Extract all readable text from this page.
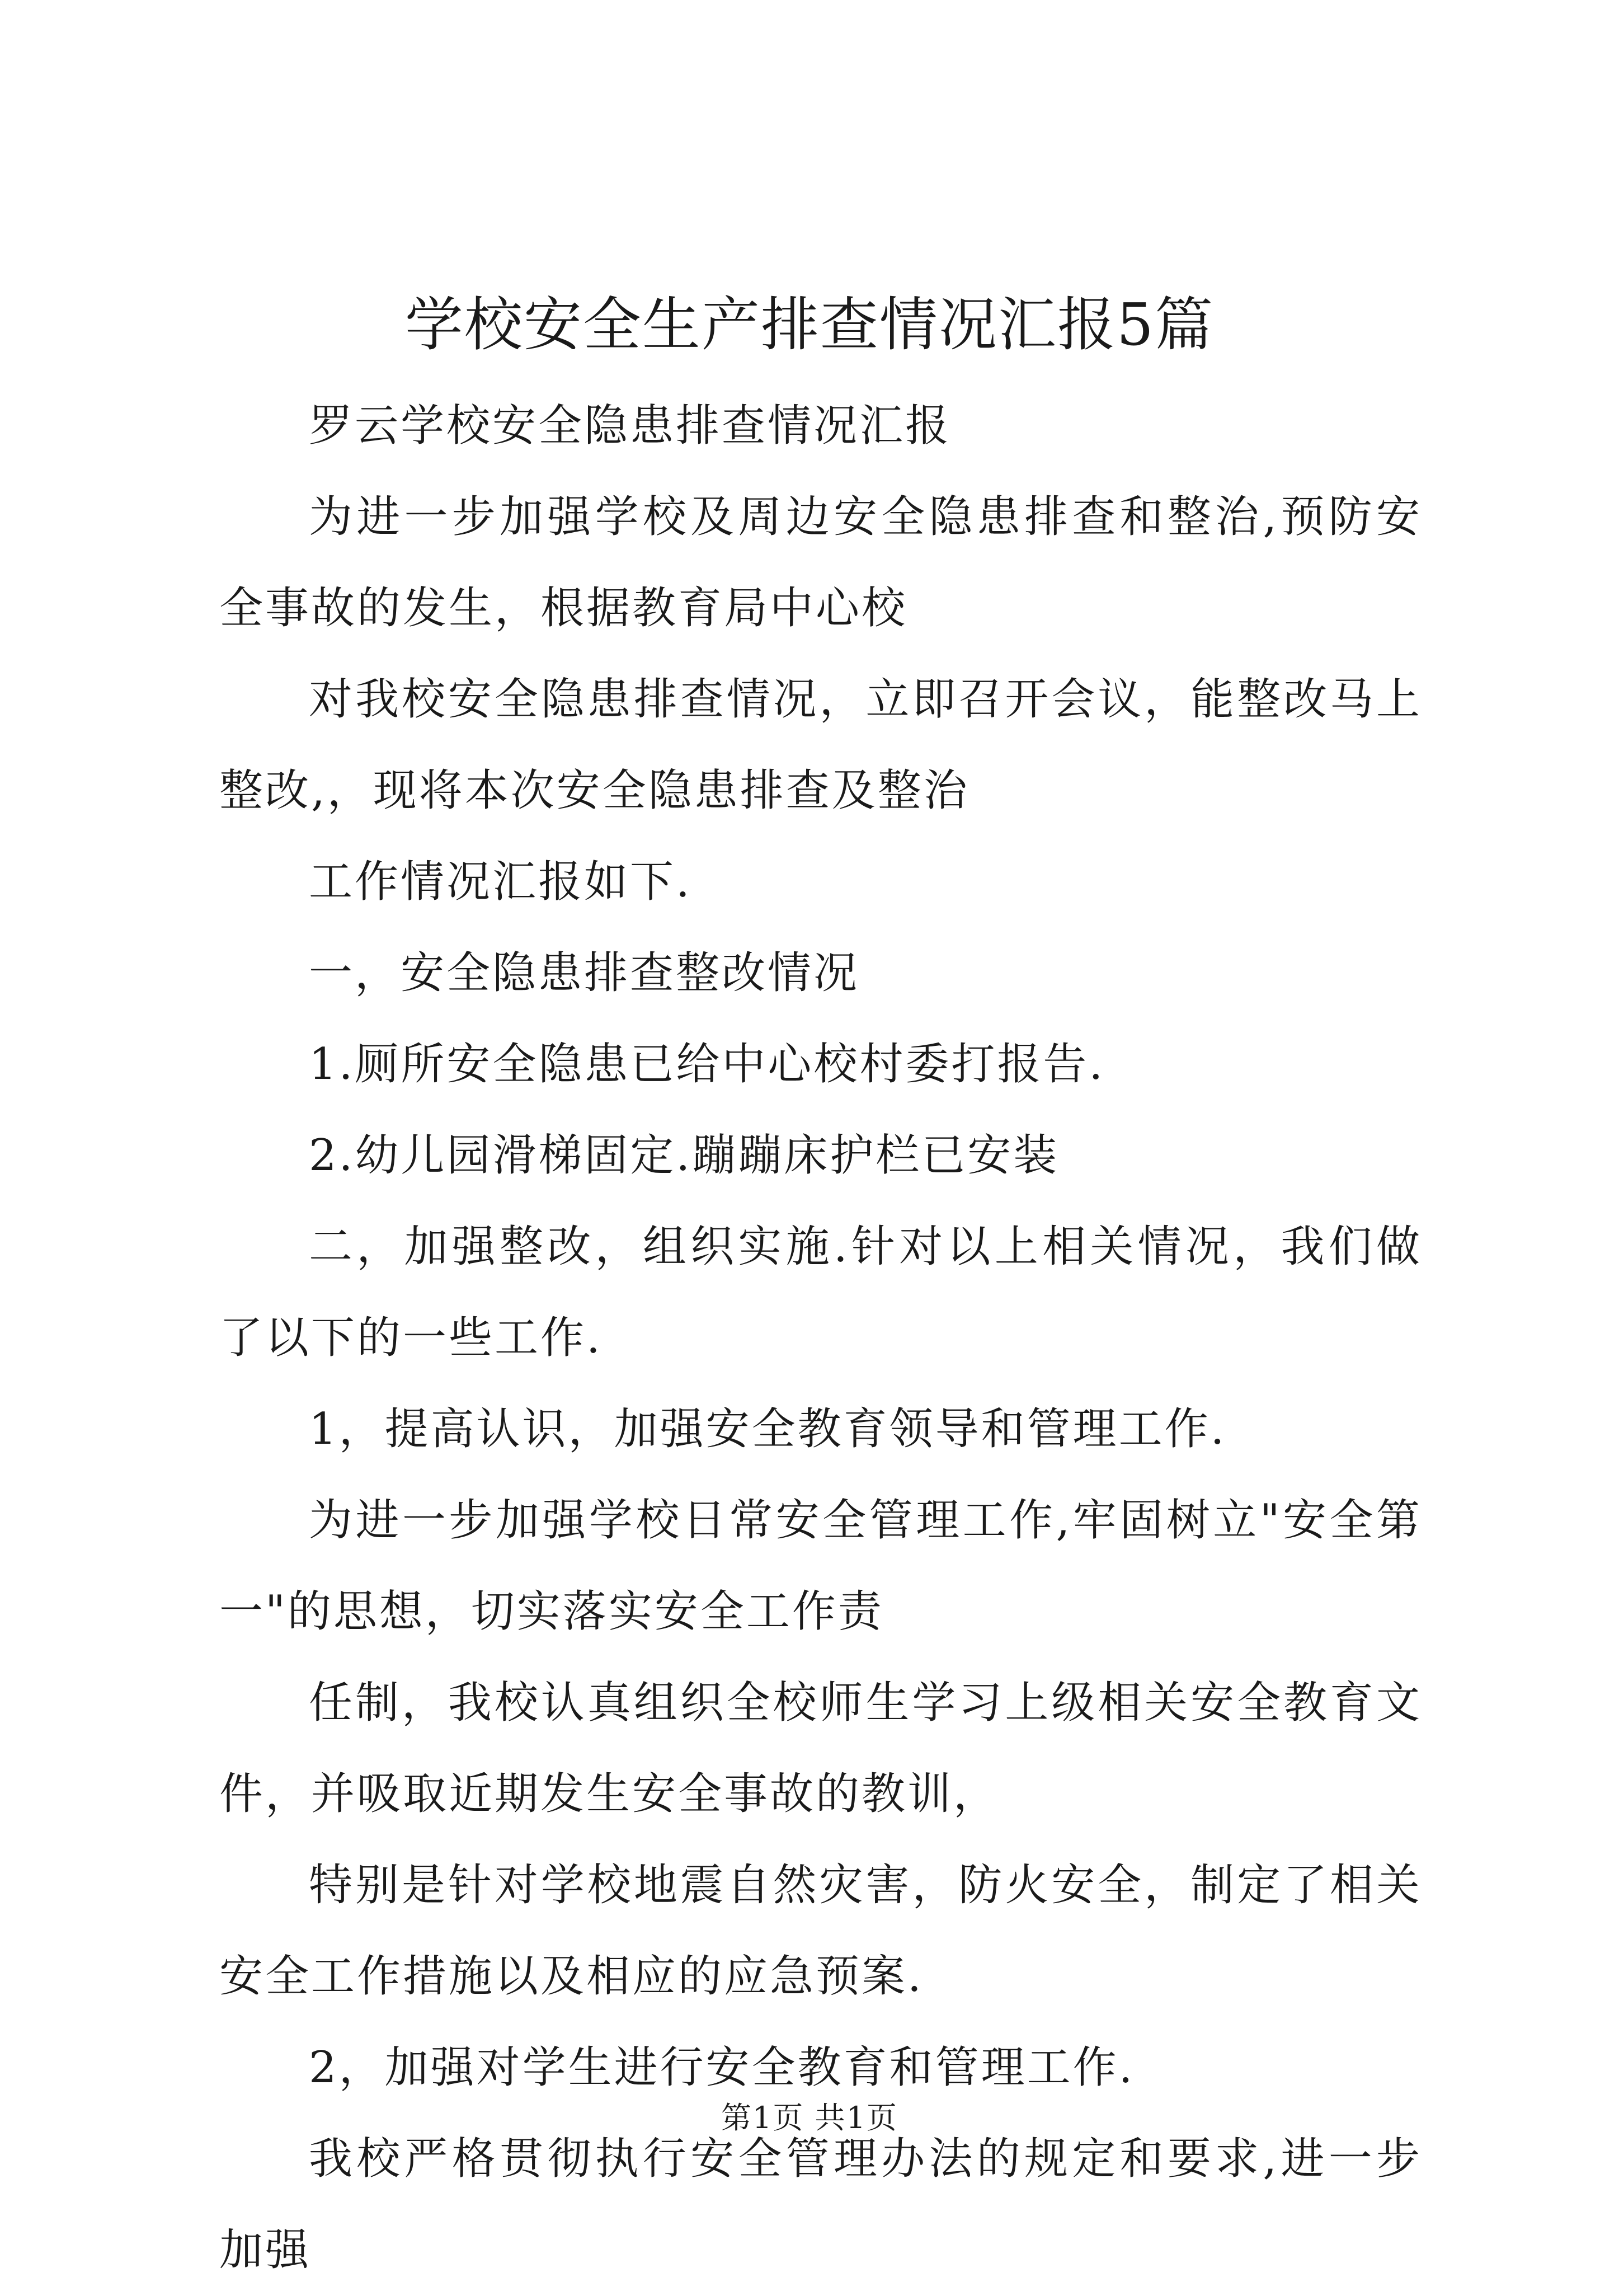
学校安全生产排查情况汇报5篇

罗云学校安全隐患排查情况汇报

为进一步加强学校及周边安全隐患排查和整治,预防安全事故的发生，根据教育局中心校

对我校安全隐患排查情况，立即召开会议，能整改马上整改,，现将本次安全隐患排查及整治

工作情况汇报如下.

一，安全隐患排查整改情况

1.厕所安全隐患已给中心校村委打报告.

2.幼儿园滑梯固定.蹦蹦床护栏已安装

二，加强整改，组织实施.针对以上相关情况，我们做了以下的一些工作.

1，提高认识，加强安全教育领导和管理工作.

为进一步加强学校日常安全管理工作,牢固树立"安全第一"的思想，切实落实安全工作责

任制，我校认真组织全校师生学习上级相关安全教育文件，并吸取近期发生安全事故的教训，

特别是针对学校地震自然灾害，防火安全，制定了相关安全工作措施以及相应的应急预案.

2，加强对学生进行安全教育和管理工作.

我校严格贯彻执行安全管理办法的规定和要求,进一步加强

第1页 共1页
